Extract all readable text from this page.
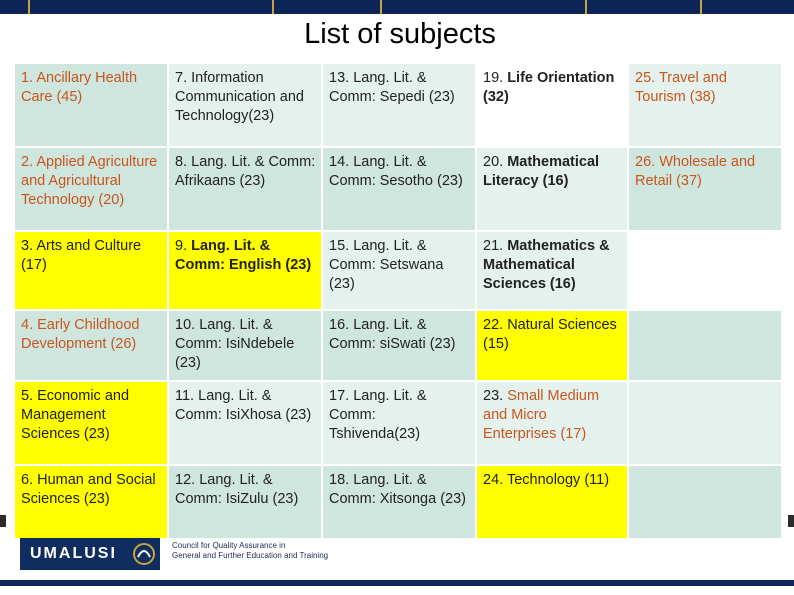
List of subjects
1. Ancillary Health Care (45)	7. Information Communication and Technology(23)	13. Lang. Lit. & Comm: Sepedi (23)	19. Life Orientation (32)	25. Travel and Tourism (38)
2. Applied Agriculture and Agricultural Technology (20)	8. Lang. Lit. & Comm: Afrikaans (23)	14. Lang. Lit. & Comm: Sesotho (23)	20. Mathematical Literacy (16)	26. Wholesale and Retail (37)
3. Arts and Culture (17)	9. Lang. Lit. & Comm: English (23)	15. Lang. Lit. & Comm: Setswana (23)	21. Mathematics & Mathematical Sciences (16)	
4. Early Childhood Development (26)	10. Lang. Lit. & Comm: IsiNdebele (23)	16. Lang. Lit. & Comm: siSwati (23)	22. Natural Sciences (15)	
5. Economic and Management Sciences (23)	11. Lang. Lit. & Comm: IsiXhosa (23)	17. Lang. Lit. & Comm: Tshivenda(23)	23. Small Medium and Micro Enterprises (17)	
6. Human and Social Sciences (23)	12. Lang. Lit. & Comm: IsiZulu (23)	18. Lang. Lit. & Comm: Xitsonga (23)	24. Technology (11)	
UMALUSI	Council for Quality Assurance in
General and Further Education and Training
